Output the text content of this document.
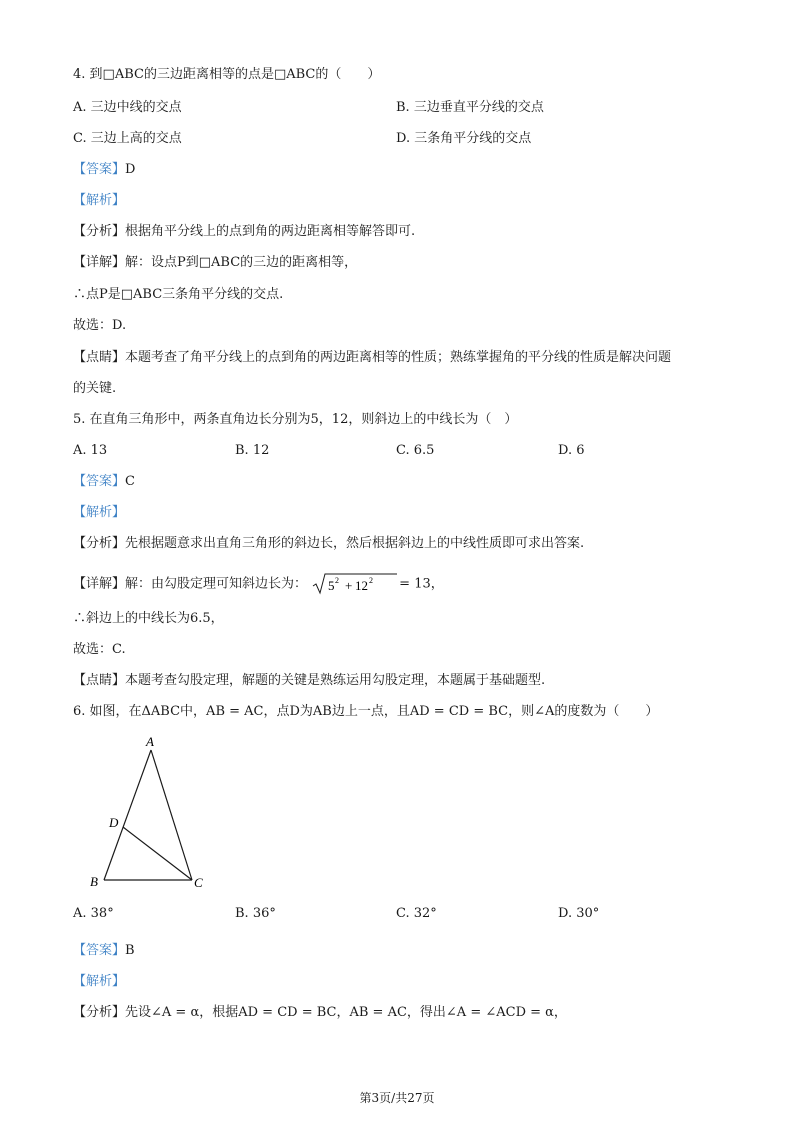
4. 到□ABC的三边距离相等的点是□ABC的（　　）
A. 三边中线的交点	B. 三边垂直平分线的交点
C. 三边上高的交点	D. 三条角平分线的交点
【答案】D
【解析】
【分析】根据角平分线上的点到角的两边距离相等解答即可.
【详解】解：设点P到□ABC的三边的距离相等，
∴点P是□ABC三条角平分线的交点.
故选：D.
【点睛】本题考查了角平分线上的点到角的两边距离相等的性质；熟练掌握角的平分线的性质是解决问题
的关键.
5. 在直角三角形中，两条直角边长分别为5，12，则斜边上的中线长为（　）
A. 13	B. 12	C. 6.5	D. 6
【答案】C
【解析】
【分析】先根据题意求出直角三角形的斜边长，然后根据斜边上的中线性质即可求出答案.
【详解】解：由勾股定理可知斜边长为： 5 2 + 12 2 = 13，
∴斜边上的中线长为6.5，
故选：C.
【点睛】本题考查勾股定理，解题的关键是熟练运用勾股定理，本题属于基础题型.
6. 如图，在ΔABC中，AB = AC，点D为AB边上一点，且AD = CD = BC，则∠A的度数为（　　）
A
D
B	C
A. 38°	B. 36°	C. 32°	D. 30°
【答案】B
【解析】
【分析】先设∠A = α，根据AD = CD = BC，AB = AC，得出∠A = ∠ACD = α，
第3页/共27页
